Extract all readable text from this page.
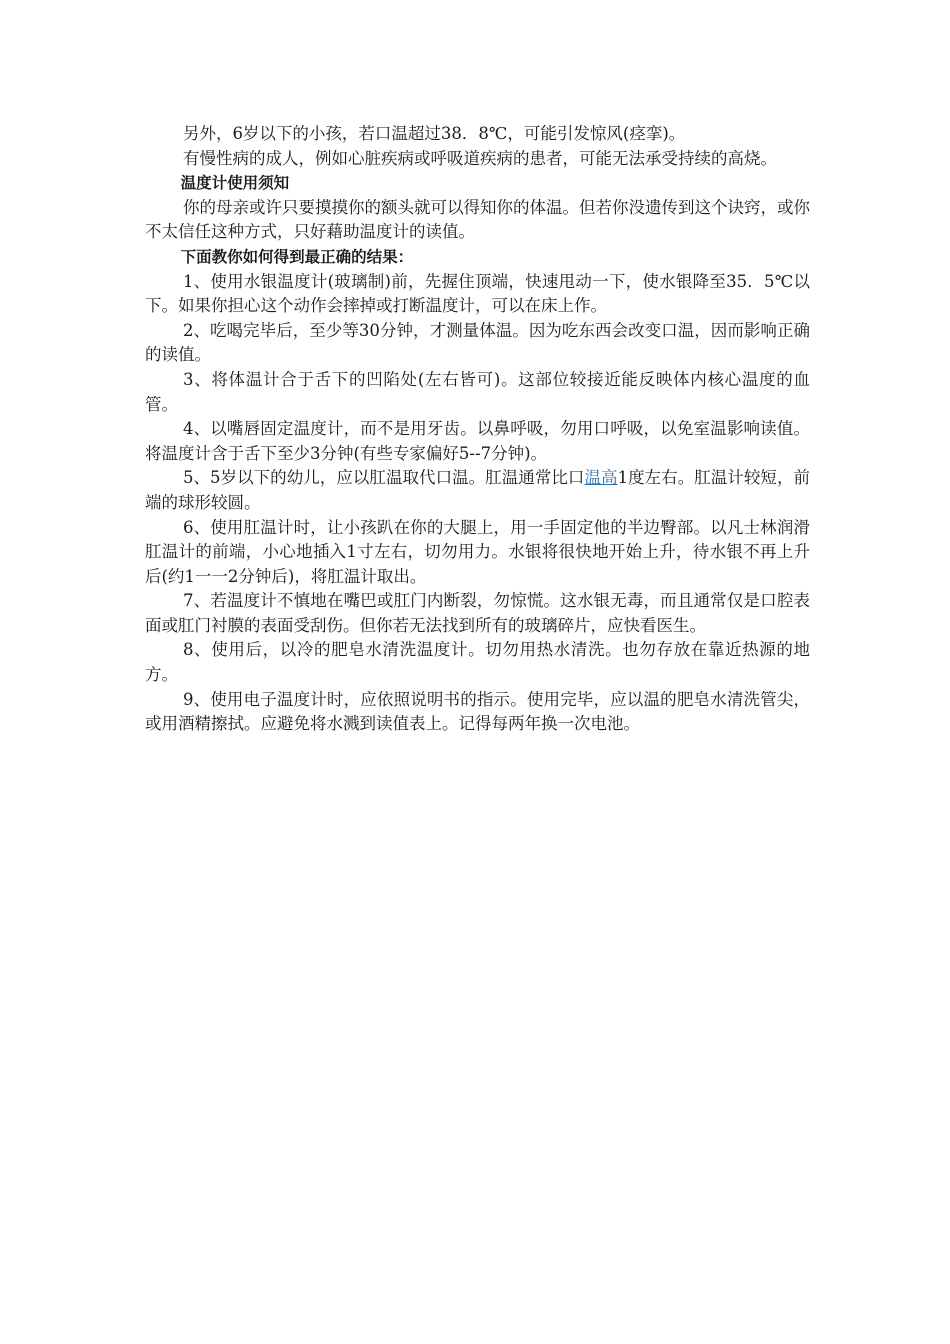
另外，6岁以下的小孩，若口温超过38．8℃，可能引发惊风(痉挛)。

有慢性病的成人，例如心脏疾病或呼吸道疾病的患者，可能无法承受持续的高烧。

温度计使用须知

你的母亲或许只要摸摸你的额头就可以得知你的体温。但若你没遗传到这个诀窍，或你不太信任这种方式，只好藉助温度计的读值。

下面教你如何得到最正确的结果：

1、使用水银温度计(玻璃制)前，先握住顶端，快速甩动一下，使水银降至35．5℃以下。如果你担心这个动作会摔掉或打断温度计，可以在床上作。

2、吃喝完毕后，至少等30分钟，才测量体温。因为吃东西会改变口温，因而影响正确的读值。

3、将体温计合于舌下的凹陷处(左右皆可)。这部位较接近能反映体内核心温度的血管。

4、以嘴唇固定温度计，而不是用牙齿。以鼻呼吸，勿用口呼吸，以免室温影响读值。将温度计含于舌下至少3分钟(有些专家偏好5--7分钟)。

5、5岁以下的幼儿，应以肛温取代口温。肛温通常比口温高1度左右。肛温计较短，前端的球形较圆。

6、使用肛温计时，让小孩趴在你的大腿上，用一手固定他的半边臀部。以凡士林润滑肛温计的前端，小心地插入1寸左右，切勿用力。水银将很快地开始上升，待水银不再上升后(约1一一2分钟后)，将肛温计取出。

7、若温度计不慎地在嘴巴或肛门内断裂，勿惊慌。这水银无毒，而且通常仅是口腔表面或肛门衬膜的表面受刮伤。但你若无法找到所有的玻璃碎片，应快看医生。

8、使用后，以冷的肥皂水清洗温度计。切勿用热水清洗。也勿存放在靠近热源的地方。

9、使用电子温度计时，应依照说明书的指示。使用完毕，应以温的肥皂水清洗管尖，或用酒精擦拭。应避免将水溅到读值表上。记得每两年换一次电池。
